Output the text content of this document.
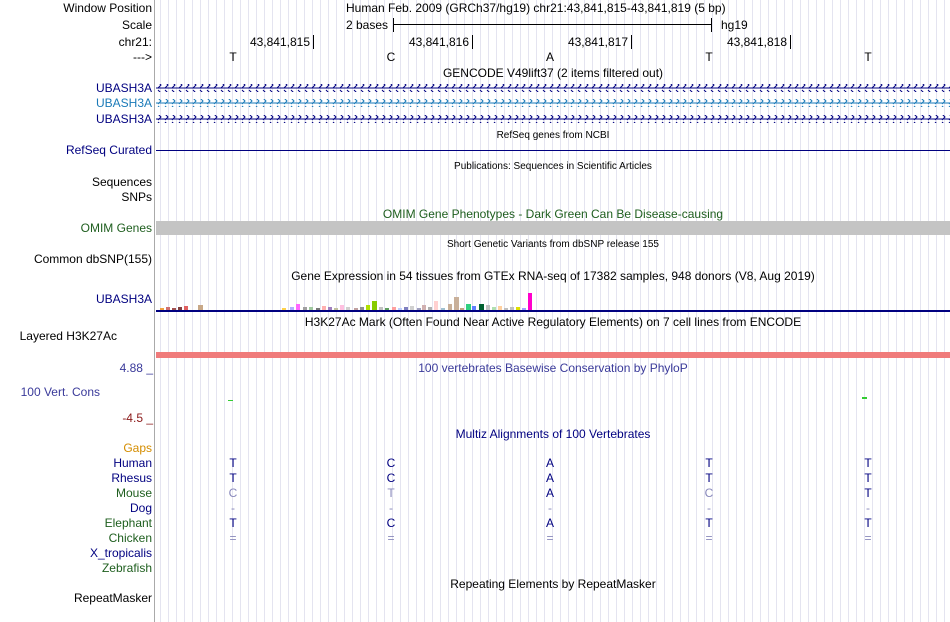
Window Position	Human Feb. 2009 (GRCh37/hg19) chr21:43,841,815-43,841,819 (5 bp)
Scale	2 bases	hg19
chr21:	43,841,815	43,841,816	43,841,817	43,841,818
--->	T	C	A	T	T
GENCODE V49lift37 (2 items filtered out)
UBASH3A
UBASH3A
UBASH3A
RefSeq genes from NCBI
RefSeq Curated
Publications: Sequences in Scientific Articles
Sequences
SNPs
OMIM Gene Phenotypes - Dark Green Can Be Disease-causing
OMIM Genes
Short Genetic Variants from dbSNP release 155
Common dbSNP(155)
Gene Expression in 54 tissues from GTEx RNA-seq of 17382 samples, 948 donors (V8, Aug 2019)
UBASH3A
H3K27Ac Mark (Often Found Near Active Regulatory Elements) on 7 cell lines from ENCODE
Layered H3K27Ac
100 vertebrates Basewise Conservation by PhyloP
4.88 _
100 Vert. Cons
-4.5 _
Multiz Alignments of 100 Vertebrates
Gaps
Human	T	C	A	T	T
Rhesus	T	C	A	T	T
Mouse	C	T	A	C	T
Dog	-	-	-	-	-
Elephant	T	C	A	T	T
Chicken	=	=	=	=	=
X_tropicalis
Zebrafish
Repeating Elements by RepeatMasker
RepeatMasker
